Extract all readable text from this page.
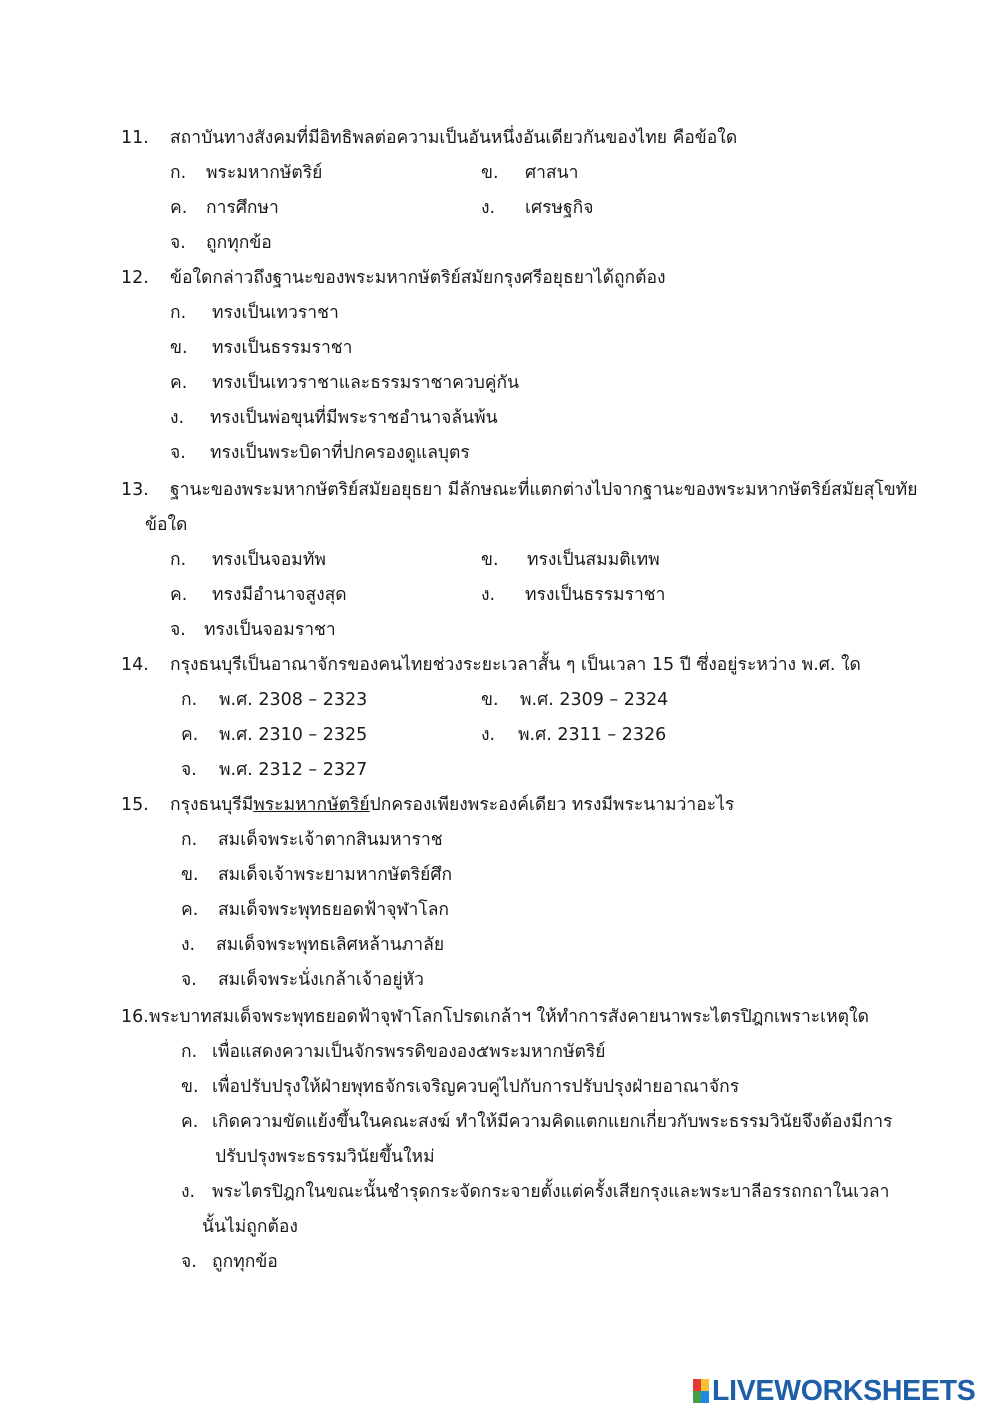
11. สถาบันทางสังคมที่มีอิทธิพลต่อความเป็นอันหนึ่งอันเดียวกันของไทย คือข้อใด
ก. พระมหากษัตริย์	ข. ศาสนา
ค. การศึกษา	ง. เศรษฐกิจ
จ. ถูกทุกข้อ
12. ข้อใดกล่าวถึงฐานะของพระมหากษัตริย์สมัยกรุงศรีอยุธยาได้ถูกต้อง
ก. ทรงเป็นเทวราชา
ข. ทรงเป็นธรรมราชา
ค. ทรงเป็นเทวราชาและธรรมราชาควบคู่กัน
ง. ทรงเป็นพ่อขุนที่มีพระราชอำนาจล้นพ้น
จ. ทรงเป็นพระบิดาที่ปกครองดูแลบุตร
13. ฐานะของพระมหากษัตริย์สมัยอยุธยา มีลักษณะที่แตกต่างไปจากฐานะของพระมหากษัตริย์สมัยสุโขทัย
ข้อใด
ก. ทรงเป็นจอมทัพ	ข. ทรงเป็นสมมติเทพ
ค. ทรงมีอำนาจสูงสุด	ง. ทรงเป็นธรรมราชา
จ. ทรงเป็นจอมราชา
14. กรุงธนบุรีเป็นอาณาจักรของคนไทยช่วงระยะเวลาสั้น ๆ เป็นเวลา 15 ปี ซึ่งอยู่ระหว่าง พ.ศ. ใด
ก. พ.ศ. 2308 – 2323	ข. พ.ศ. 2309 – 2324
ค. พ.ศ. 2310 – 2325	ง. พ.ศ. 2311 – 2326
จ. พ.ศ. 2312 – 2327
15. กรุงธนบุรีมีพระมหากษัตริย์ปกครองเพียงพระองค์เดียว ทรงมีพระนามว่าอะไร
ก. สมเด็จพระเจ้าตากสินมหาราช
ข. สมเด็จเจ้าพระยามหากษัตริย์ศึก
ค. สมเด็จพระพุทธยอดฟ้าจุฬาโลก
ง. สมเด็จพระพุทธเลิศหล้านภาลัย
จ. สมเด็จพระนั่งเกล้าเจ้าอยู่หัว
16. พระบาทสมเด็จพระพุทธยอดฟ้าจุฬาโลกโปรดเกล้าฯ ให้ทำการสังคายนาพระไตรปิฎกเพราะเหตุใด
ก. เพื่อแสดงความเป็นจักรพรรดิขององ๕พระมหากษัตริย์
ข. เพื่อปรับปรุงให้ฝ่ายพุทธจักรเจริญควบคู่ไปกับการปรับปรุงฝ่ายอาณาจักร
ค. เกิดความขัดแย้งขึ้นในคณะสงฆ์ ทำให้มีความคิดแตกแยกเกี่ยวกับพระธรรมวินัยจึงต้องมีการ
ปรับปรุงพระธรรมวินัยขึ้นใหม่
ง. พระไตรปิฎกในขณะนั้นชำรุดกระจัดกระจายตั้งแต่ครั้งเสียกรุงและพระบาลีอรรถกถาในเวลา
นั้นไม่ถูกต้อง
จ. ถูกทุกข้อ
LIVEWORKSHEETS
